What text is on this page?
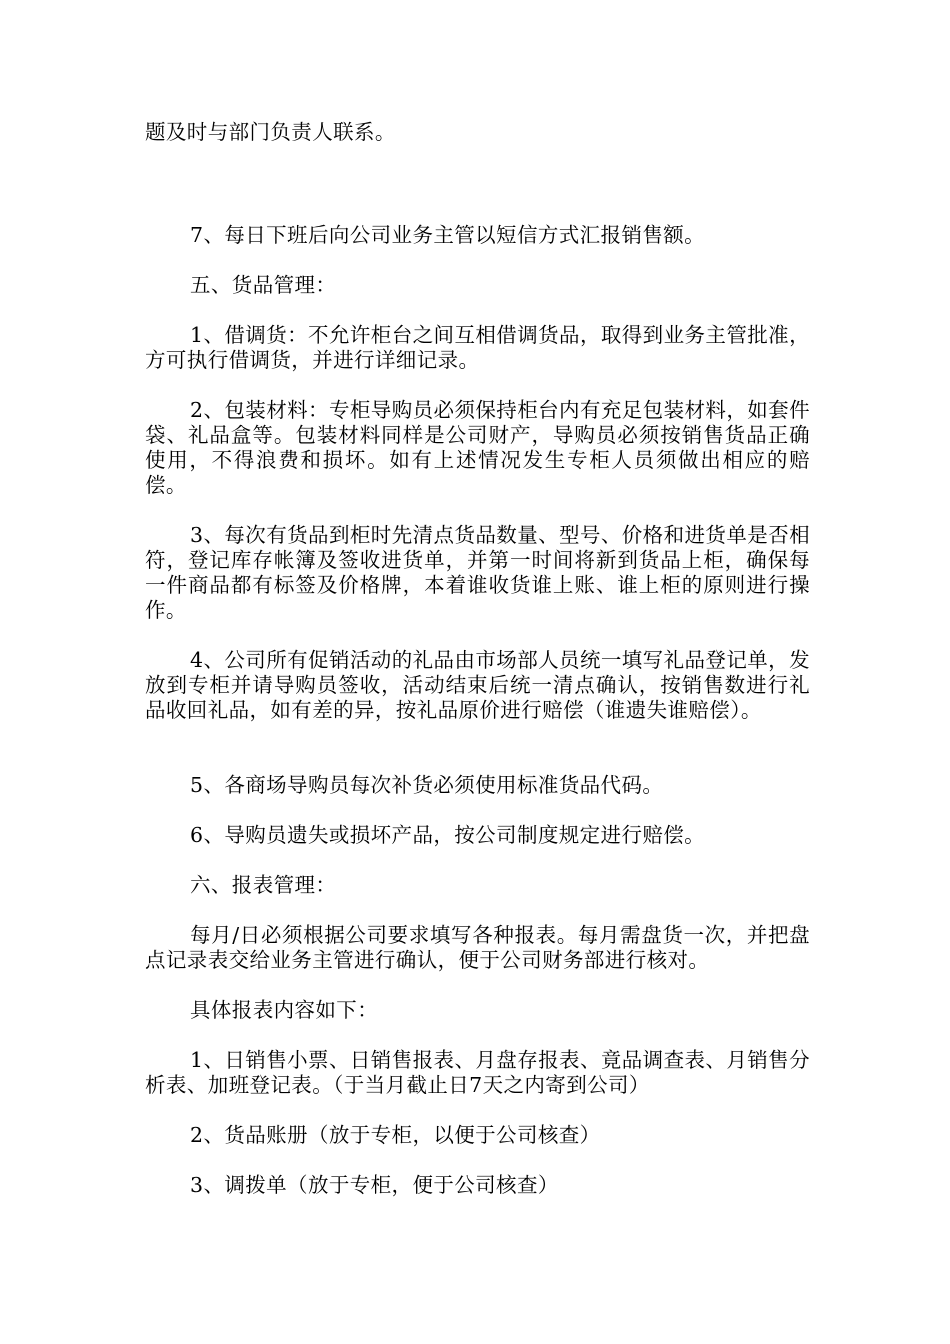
题及时与部门负责人联系。

7、每日下班后向公司业务主管以短信方式汇报销售额。

五、货品管理：

1、借调货：不允许柜台之间互相借调货品，取得到业务主管批准，方可执行借调货，并进行详细记录。

2、包装材料：专柜导购员必须保持柜台内有充足包装材料，如套件袋、礼品盒等。包装材料同样是公司财产，导购员必须按销售货品正确使用，不得浪费和损坏。如有上述情况发生专柜人员须做出相应的赔偿。

3、每次有货品到柜时先清点货品数量、型号、价格和进货单是否相符，登记库存帐簿及签收进货单，并第一时间将新到货品上柜，确保每一件商品都有标签及价格牌，本着谁收货谁上账、谁上柜的原则进行操作。

4、公司所有促销活动的礼品由市场部人员统一填写礼品登记单，发放到专柜并请导购员签收，活动结束后统一清点确认，按销售数进行礼品收回礼品，如有差的异，按礼品原价进行赔偿（谁遗失谁赔偿）。

5、各商场导购员每次补货必须使用标准货品代码。

6、导购员遗失或损坏产品，按公司制度规定进行赔偿。

六、报表管理：

每月/日必须根据公司要求填写各种报表。每月需盘货一次，并把盘点记录表交给业务主管进行确认，便于公司财务部进行核对。

具体报表内容如下：

1、日销售小票、日销售报表、月盘存报表、竟品调查表、月销售分析表、加班登记表。（于当月截止日7天之内寄到公司）

2、货品账册（放于专柜，以便于公司核查）

3、调拨单（放于专柜，便于公司核查）
